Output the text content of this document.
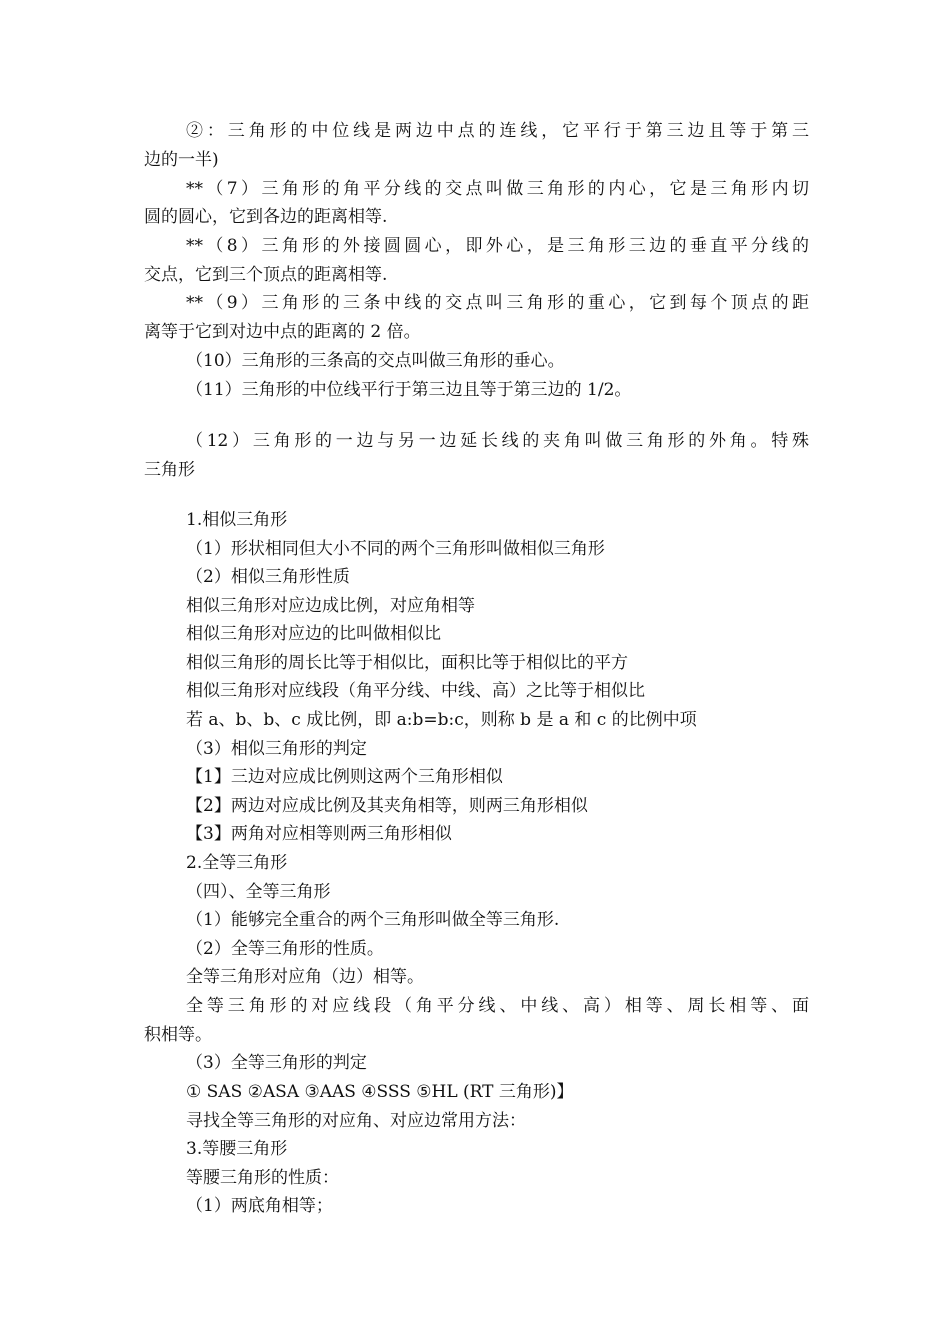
②：三角形的中位线是两边中点的连线，它平行于第三边且等于第三
边的一半)
**（7）三角形的角平分线的交点叫做三角形的内心，它是三角形内切
圆的圆心，它到各边的距离相等.
**（8）三角形的外接圆圆心，即外心，是三角形三边的垂直平分线的
交点，它到三个顶点的距离相等.
**（9）三角形的三条中线的交点叫三角形的重心，它到每个顶点的距
离等于它到对边中点的距离的 2 倍。
（10）三角形的三条高的交点叫做三角形的垂心。
（11）三角形的中位线平行于第三边且等于第三边的 1/2。
（12）三角形的一边与另一边延长线的夹角叫做三角形的外角。特殊
三角形
1.相似三角形
（1）形状相同但大小不同的两个三角形叫做相似三角形
（2）相似三角形性质
相似三角形对应边成比例，对应角相等
相似三角形对应边的比叫做相似比
相似三角形的周长比等于相似比，面积比等于相似比的平方
相似三角形对应线段（角平分线、中线、高）之比等于相似比
若 a、b、b、c 成比例，即 a:b=b:c，则称 b 是 a 和 c 的比例中项
（3）相似三角形的判定
【1】三边对应成比例则这两个三角形相似
【2】两边对应成比例及其夹角相等，则两三角形相似
【3】两角对应相等则两三角形相似
2.全等三角形
（四）、全等三角形
（1）能够完全重合的两个三角形叫做全等三角形.
（2）全等三角形的性质。
全等三角形对应角（边）相等。
全等三角形的对应线段（角平分线、中线、高）相等、周长相等、面
积相等。
（3）全等三角形的判定
① SAS ②ASA ③AAS ④SSS ⑤HL (RT 三角形)】
寻找全等三角形的对应角、对应边常用方法：
3.等腰三角形
等腰三角形的性质：
（1）两底角相等；
